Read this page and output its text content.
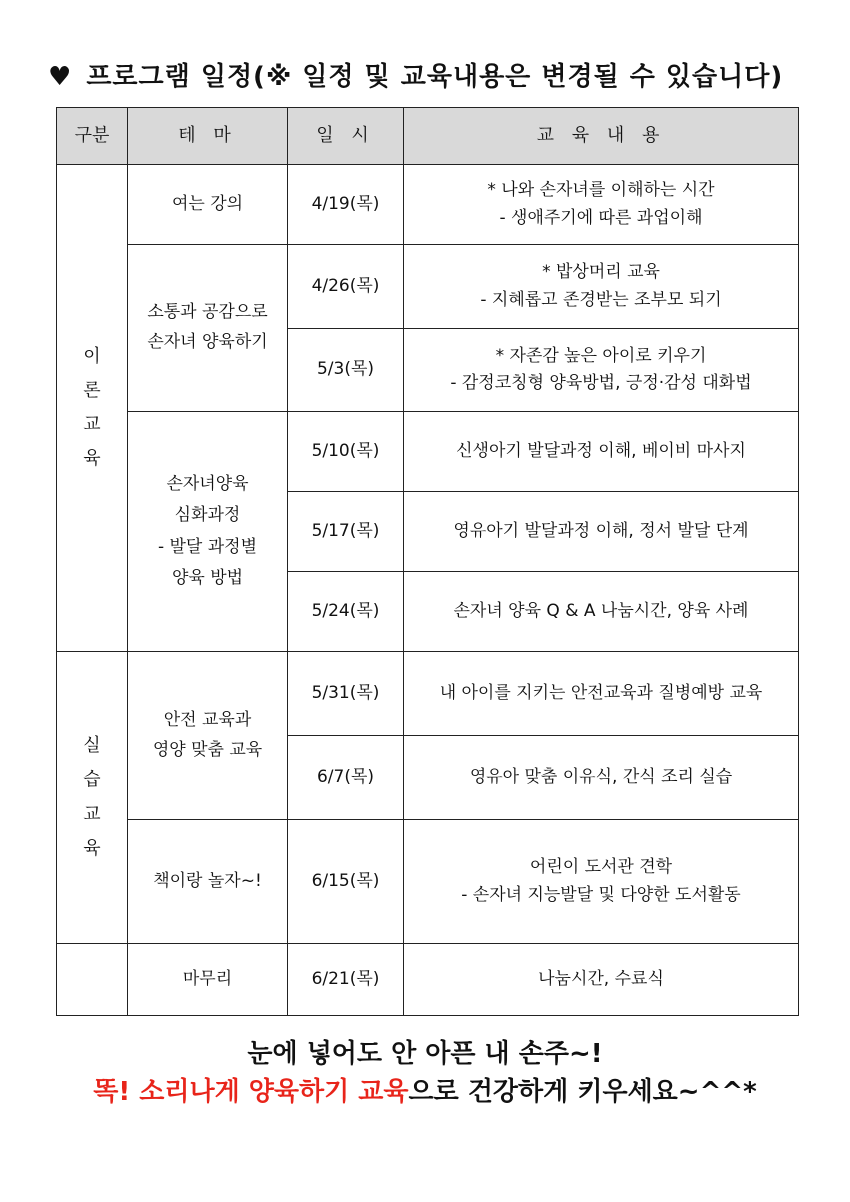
♥ 프로그램 일정(※ 일정 및 교육내용은 변경될 수 있습니다)
구분	테 마	일 시	교 육 내 용
이론교육	여는 강의	4/19(목)	* 나와 손자녀를 이해하는 시간
- 생애주기에 따른 과업이해

	소통과 공감으로 손자녀 양육하기	4/26(목)	* 밥상머리 교육
- 지혜롭고 존경받는 조부모 되기

		5/3(목)	* 자존감 높은 아이로 키우기
- 감정코칭형 양육방법, 긍정·감성 대화법

	손자녀양육
심화과정
- 발달 과정별
양육 방법	5/10(목)	신생아기 발달과정 이해, 베이비 마사지

		5/17(목)	영유아기 발달과정 이해, 정서 발달 단계

		5/24(목)	손자녀 양육 Q & A 나눔시간, 양육 사례

실습교육	안전 교육과
영양 맞춤 교육	5/31(목)	내 아이를 지키는 안전교육과 질병예방 교육

		6/7(목)	영유아 맞춤 이유식, 간식 조리 실습

	책이랑 놀자~!	6/15(목)	어린이 도서관 견학
- 손자녀 지능발달 및 다양한 도서활동

	마무리	6/21(목)	나눔시간, 수료식
눈에 넣어도 안 아픈 내 손주~!
똑! 소리나게 양육하기 교육으로 건강하게 키우세요~^^*
